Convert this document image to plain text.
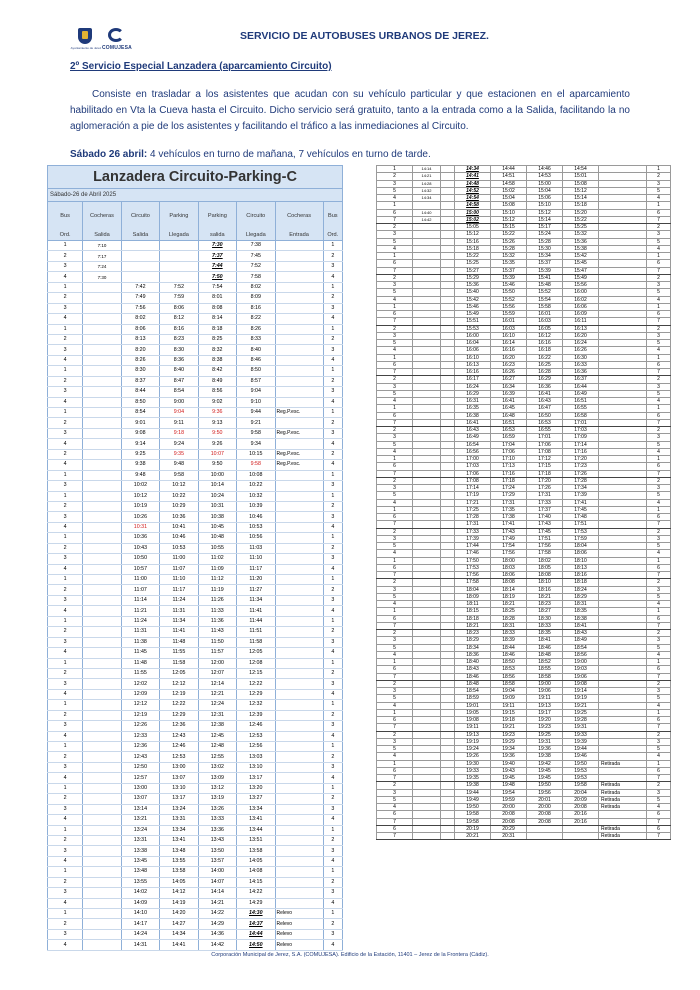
Ayuntamiento de Jerez COMUJESA
SERVICIO DE AUTOBUSES URBANOS DE JEREZ.
2º Servicio Especial Lanzadera (aparcamiento Circuito)
Consiste en trasladar a los asistentes que acudan con su vehículo particular y que estacionen en el aparcamiento habilitado en Vta la Cueva hasta el Circuito. Dicho servicio será gratuito, tanto a la entrada como a la Salida, facilitando la no aglomeración a pie de los asistentes y facilitando el tráfico a las inmediaciones al Circuito.
Sábado 26 abril: 4 vehículos en turno de mañana, 7 vehículos en turno de tarde.
Lanzadera Circuito-Parking-C							
Sábado-26 de Abril 2025							
Bus	Cocheras	Circuito	Parking	Parking	Circuito	Cocheras	Bus
Ord.	Salida	Salida	Llegada	salida	Llegada	Entrada	Ord.
1	7:10			7:30	7:38		1
2	7:17			7:37	7:45		2
3	7:24			7:44	7:52		3
4	7:30			7:50	7:58		4
1		7:42	7:52	7:54	8:02		1
2		7:49	7:59	8:01	8:09		2
3		7:56	8:06	8:08	8:16		3
4		8:02	8:12	8:14	8:22		4
1		8:06	8:16	8:18	8:26		1
2		8:13	8:23	8:25	8:33		2
3		8:20	8:30	8:32	8:40		3
4		8:26	8:36	8:38	8:46		4
1		8:30	8:40	8:42	8:50		1
2		8:37	8:47	8:49	8:57		2
3		8:44	8:54	8:56	9:04		3
4		8:50	9:00	9:02	9:10		4
1		8:54	9:04	9:36	9:44	Reg.P.esc.	1
2		9:01	9:11	9:13	9:21		2
3		9:08	9:18	9:50	9:58	Reg.P.esc.	3
4		9:14	9:24	9:26	9:34		4
2		9:25	9:35	10:07	10:15	Reg.P.esc.	2
4		9:38	9:48	9:50	9:58	Reg.P.esc.	4
1		9:48	9:58	10:00	10:08		1
3		10:02	10:12	10:14	10:22		3
1		10:12	10:22	10:24	10:32		1
2		10:19	10:29	10:31	10:39		2
3		10:26	10:36	10:38	10:46		3
4		10:31	10:41	10:45	10:53		4
1		10:36	10:46	10:48	10:56		1
2		10:43	10:53	10:55	11:03		2
3		10:50	11:00	11:02	11:10		3
4		10:57	11:07	11:09	11:17		4
1		11:00	11:10	11:12	11:20		1
2		11:07	11:17	11:19	11:27		2
3		11:14	11:24	11:26	11:34		3
4		11:21	11:31	11:33	11:41		4
1		11:24	11:34	11:36	11:44		1
2		11:31	11:41	11:43	11:51		2
3		11:38	11:48	11:50	11:58		3
4		11:45	11:55	11:57	12:05		4
1		11:48	11:58	12:00	12:08		1
2		11:55	12:05	12:07	12:15		2
3		12:02	12:12	12:14	12:22		3
4		12:09	12:19	12:21	12:29		4
1		12:12	12:22	12:24	12:32		1
2		12:19	12:29	12:31	12:39		2
3		12:26	12:36	12:38	12:46		3
4		12:33	12:43	12:45	12:53		4
1		12:36	12:46	12:48	12:56		1
2		12:43	12:53	12:55	13:03		2
3		12:50	13:00	13:02	13:10		3
4		12:57	13:07	13:09	13:17		4
1		13:00	13:10	13:12	13:20		1
2		13:07	13:17	13:19	13:27		2
3		13:14	13:24	13:26	13:34		3
4		13:21	13:31	13:33	13:41		4
1		13:24	13:34	13:36	13:44		1
2		13:31	13:41	13:43	13:51		2
3		13:38	13:48	13:50	13:58		3
4		13:45	13:55	13:57	14:05		4
1		13:48	13:58	14:00	14:08		1
2		13:55	14:05	14:07	14:15		2
3		14:02	14:12	14:14	14:22		3
4		14:09	14:19	14:21	14:29		4
1		14:10	14:20	14:22	14:30	Relevo	1
2		14:17	14:27	14:29	14:37	Relevo	2
3		14:24	14:34	14:36	14:44	Relevo	3
4		14:31	14:41	14:42	14:50	Relevo	4
1	14:14		14:34	14:44	14:46	14:54		1
2	14:21		14:41	14:51	14:53	15:01		2
3	14:28		14:48	14:58	15:00	15:08		3
5	14:32		14:52	15:02	15:04	15:12		5
4	14:34		14:54	15:04	15:06	15:14		4
1			14:58	15:08	15:10	15:18		1
6	14:40		15:00	15:10	15:12	15:20		6
7	14:42		15:02	15:12	15:14	15:22		7
2			15:05	15:15	15:17	15:25		2
3			15:12	15:22	15:24	15:32		3
5			15:16	15:26	15:28	15:36		5
4			15:18	15:28	15:30	15:38		4
1			15:22	15:32	15:34	15:42		1
6			15:25	15:35	15:37	15:45		6
7			15:27	15:37	15:39	15:47		7
2			15:29	15:39	15:41	15:49		2
3			15:36	15:46	15:48	15:56		3
5			15:40	15:50	15:52	16:00		5
4			15:42	15:52	15:54	16:02		4
1			15:46	15:56	15:58	16:06		1
6			15:49	15:59	16:01	16:09		6
7			15:51	16:01	16:03	16:11		7
2			15:53	16:03	16:05	16:13		2
3			16:00	16:10	16:12	16:20		3
5			16:04	16:14	16:16	16:24		5
4			16:06	16:16	16:18	16:26		4
1			16:10	16:20	16:22	16:30		1
6			16:13	16:23	16:25	16:33		6
7			16:16	16:26	16:28	16:36		7
2			16:17	16:27	16:29	16:37		2
3			16:24	16:34	16:36	16:44		3
5			16:29	16:39	16:41	16:49		5
4			16:31	16:41	16:43	16:51		4
1			16:35	16:45	16:47	16:55		1
6			16:38	16:48	16:50	16:58		6
7			16:41	16:51	16:53	17:01		7
2			16:43	16:53	16:55	17:03		2
3			16:49	16:59	17:01	17:09		3
5			16:54	17:04	17:06	17:14		5
4			16:56	17:06	17:08	17:16		4
1			17:00	17:10	17:12	17:20		1
6			17:03	17:13	17:15	17:23		6
7			17:06	17:16	17:18	17:26		7
2			17:08	17:18	17:20	17:28		2
3			17:14	17:24	17:26	17:34		3
5			17:19	17:29	17:31	17:39		5
4			17:21	17:31	17:33	17:41		4
1			17:25	17:35	17:37	17:45		1
6			17:28	17:38	17:40	17:48		6
7			17:31	17:41	17:43	17:51		7
2			17:33	17:43	17:45	17:53		2
3			17:39	17:49	17:51	17:59		3
5			17:44	17:54	17:56	18:04		5
4			17:46	17:56	17:58	18:06		4
1			17:50	18:00	18:02	18:10		1
6			17:53	18:03	18:05	18:13		6
7			17:56	18:06	18:08	18:16		7
2			17:58	18:08	18:10	18:18		2
3			18:04	18:14	18:16	18:24		3
5			18:09	18:19	18:21	18:29		5
4			18:11	18:21	18:23	18:31		4
1			18:15	18:25	18:27	18:35		1
6			18:18	18:28	18:30	18:38		6
7			18:21	18:31	18:33	18:41		7
2			18:23	18:33	18:35	18:43		2
3			18:29	18:39	18:41	18:49		3
5			18:34	18:44	18:46	18:54		5
4			18:36	18:46	18:48	18:56		4
1			18:40	18:50	18:52	19:00		1
6			18:43	18:53	18:55	19:03		6
7			18:46	18:56	18:58	19:06		7
2			18:48	18:58	19:00	19:08		2
3			18:54	19:04	19:06	19:14		3
5			18:59	19:09	19:11	19:19		5
4			19:01	19:11	19:13	19:21		4
1			19:05	19:15	19:17	19:25		1
6			19:08	19:18	19:20	19:28		6
7			19:11	19:21	19:23	19:31		7
2			19:13	19:23	19:25	19:33		2
3			19:19	19:29	19:31	19:39		3
5			19:24	19:34	19:36	19:44		5
4			19:26	19:36	19:38	19:46		4
1			19:30	19:40	19:42	19:50	Retirada	1
6			19:33	19:43	19:45	19:53		6
7			19:35	19:45	19:45	19:53		7
2			19:38	19:48	19:50	19:58	Retirada	2
3			19:44	19:54	19:56	20:04	Retirada	3
5			19:49	19:59	20:01	20:09	Retirada	5
4			19:50	20:00	20:00	20:08	Retirada	4
6			19:58	20:08	20:08	20:16		6
7			19:58	20:08	20:08	20:16		7
6			20:19	20:29			Retirada	6
7			20:21	20:31			Retirada	7
Corporación Municipal de Jerez, S.A. (COMUJESA). Edificio de la Estación, 11401 – Jerez de la Frontera (Cádiz).
